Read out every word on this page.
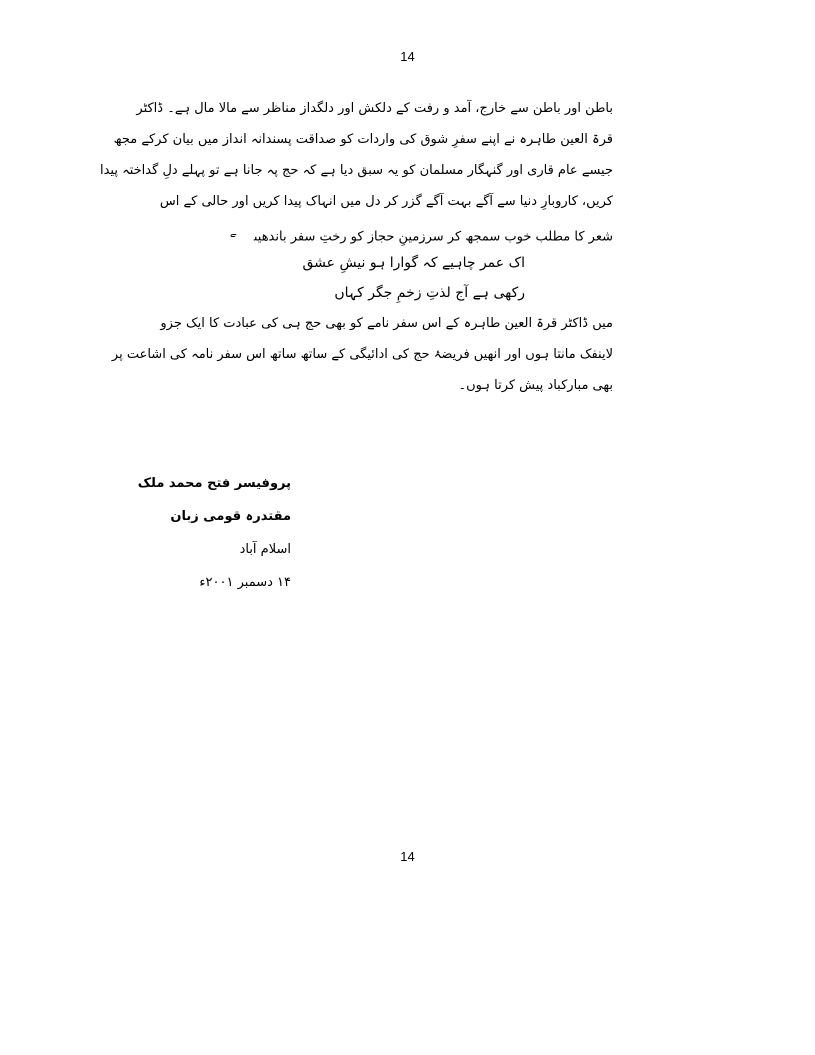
14
باطن اور باطن سے خارج، آمد و رفت کے دلکش اور دلگداز مناظر سے مالا مال ہے۔ ڈاکٹر
قرۃ العین طاہرہ نے اپنے سفرِ شوق کی واردات کو صداقت پسندانہ انداز میں بیان کرکے مجھ
جیسے عام قاری اور گنہگار مسلمان کو یہ سبق دیا ہے کہ حج پہ جانا ہے تو پہلے دلِ گداختہ پیدا
کریں، کاروبارِ دنیا سے آگے بہت آگے گزر کر دل میں انہاک پیدا کریں اور حالی کے اس
شعر کا مطلب خوب سمجھ کر سرزمینِ حجاز کو رختِ سفر باندھیں$^ے$
اک عمر چاہیے کہ گوارا ہو نیشِ عشق
رکھی ہے آج لذتِ زخمِ جگر کہاں
میں ڈاکٹر قرۃ العین طاہرہ کے اس سفر نامے کو بھی حج ہی کی عبادت کا ایک جزو
لاینفک مانتا ہوں اور انھیں فریضۂ حج کی ادائیگی کے ساتھ ساتھ اس سفر نامہ کی اشاعت پر
بھی مبارکباد پیش کرتا ہوں۔
پروفیسر فتح محمد ملک
مقتدرہ قومی زبان
اسلام آباد
۱۴ دسمبر ۲۰۰۱ء
14
